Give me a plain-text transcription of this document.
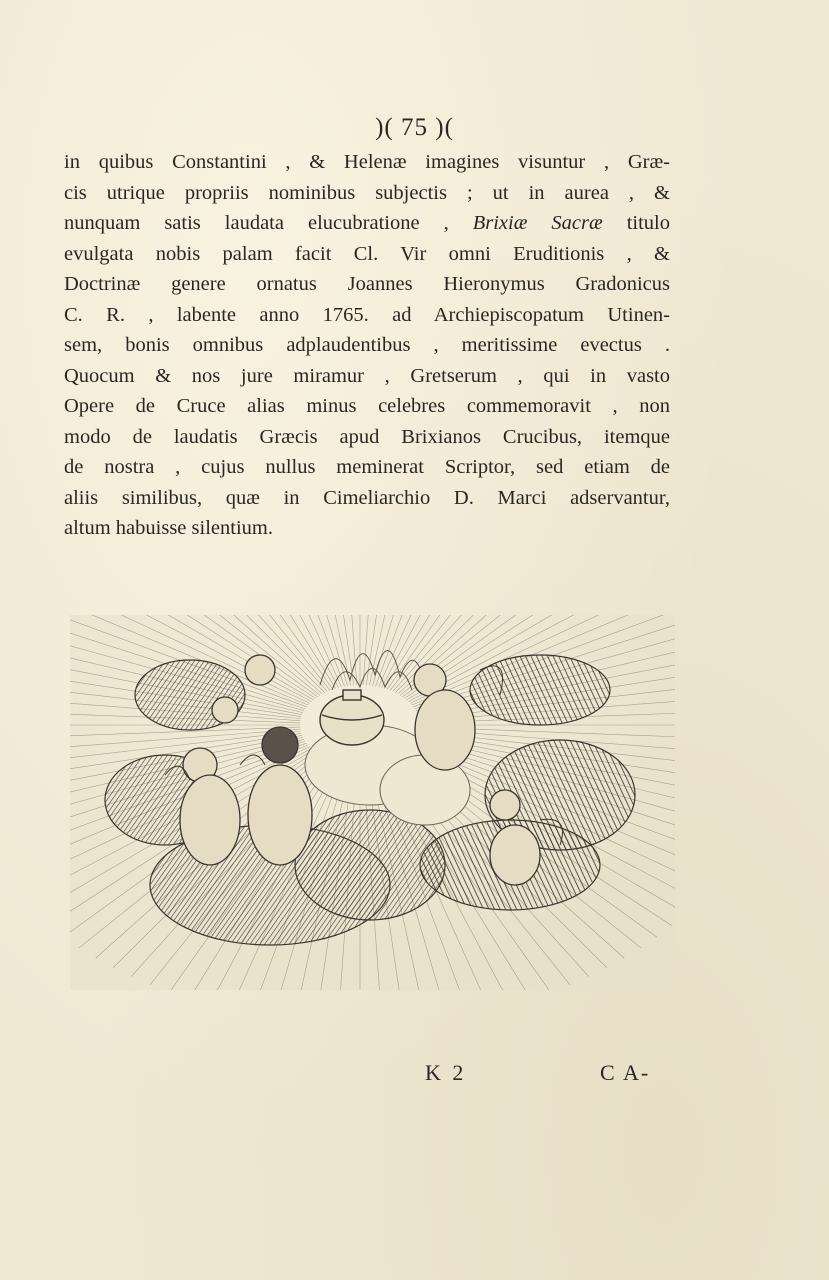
)( 75 )(
in quibus Constantini , & Helenæ imagines visuntur , Græ-
cis utrique propriis nominibus subjectis ; ut in aurea , &
nunquam satis laudata elucubratione , Brixiæ Sacræ titulo
evulgata nobis palam facit Cl. Vir omni Eruditionis , &
Doctrinæ genere ornatus Joannes Hieronymus Gradonicus
C. R. , labente anno 1765. ad Archiepiscopatum Utinen-
sem, bonis omnibus adplaudentibus , meritissime evectus .
Quocum & nos jure miramur , Gretserum , qui in vasto
Opere de Cruce alias minus celebres commemoravit , non
modo de laudatis Græcis apud Brixianos Crucibus, itemque
de nostra , cujus nullus meminerat Scriptor, sed etiam de
aliis similibus, quæ in Cimeliarchio D. Marci adservantur,
altum habuisse silentium.
K 2	C A-
